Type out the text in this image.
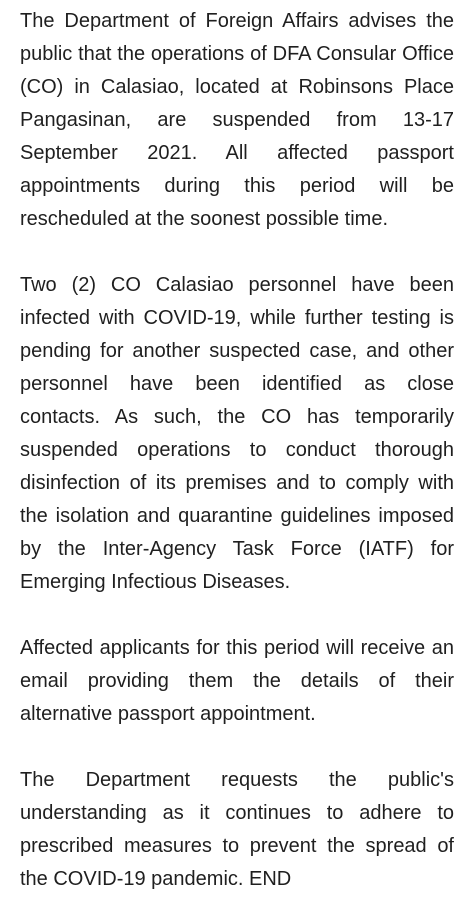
The Department of Foreign Affairs advises the public that the operations of DFA Consular Office (CO) in Calasiao, located at Robinsons Place Pangasinan, are suspended from 13-17 September 2021. All affected passport appointments during this period will be rescheduled at the soonest possible time.

Two (2) CO Calasiao personnel have been infected with COVID-19, while further testing is pending for another suspected case, and other personnel have been identified as close contacts. As such, the CO has temporarily suspended operations to conduct thorough disinfection of its premises and to comply with the isolation and quarantine guidelines imposed by the Inter-Agency Task Force (IATF) for Emerging Infectious Diseases.

Affected applicants for this period will receive an email providing them the details of their alternative passport appointment.

The Department requests the public's understanding as it continues to adhere to prescribed measures to prevent the spread of the COVID-19 pandemic. END
